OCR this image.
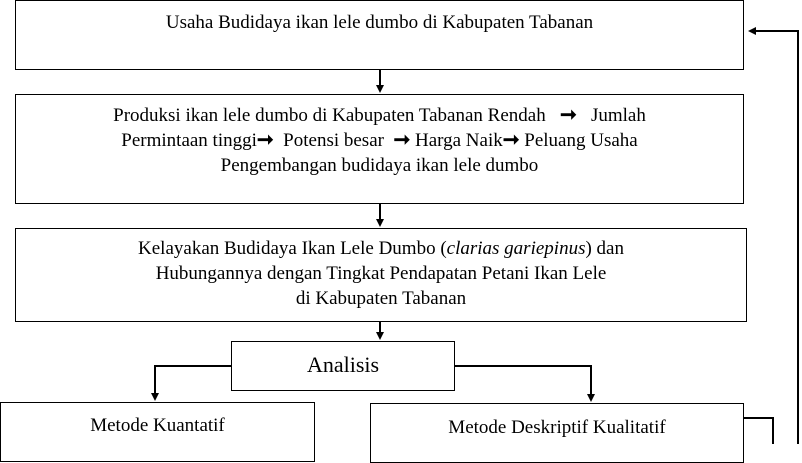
Usaha Budidaya ikan lele dumbo di Kabupaten Tabanan
Produksi ikan lele dumbo di Kabupaten Tabanan Rendah ➞ Jumlah
Permintaan tinggi➞ Potensi besar ➞ Harga Naik➞ Peluang Usaha
Pengembangan budidaya ikan lele dumbo
Kelayakan Budidaya Ikan Lele Dumbo (clarias gariepinus) dan
Hubungannya dengan Tingkat Pendapatan Petani Ikan Lele
di Kabupaten Tabanan
Analisis
Metode Kuantatif	Metode Deskriptif Kualitatif
